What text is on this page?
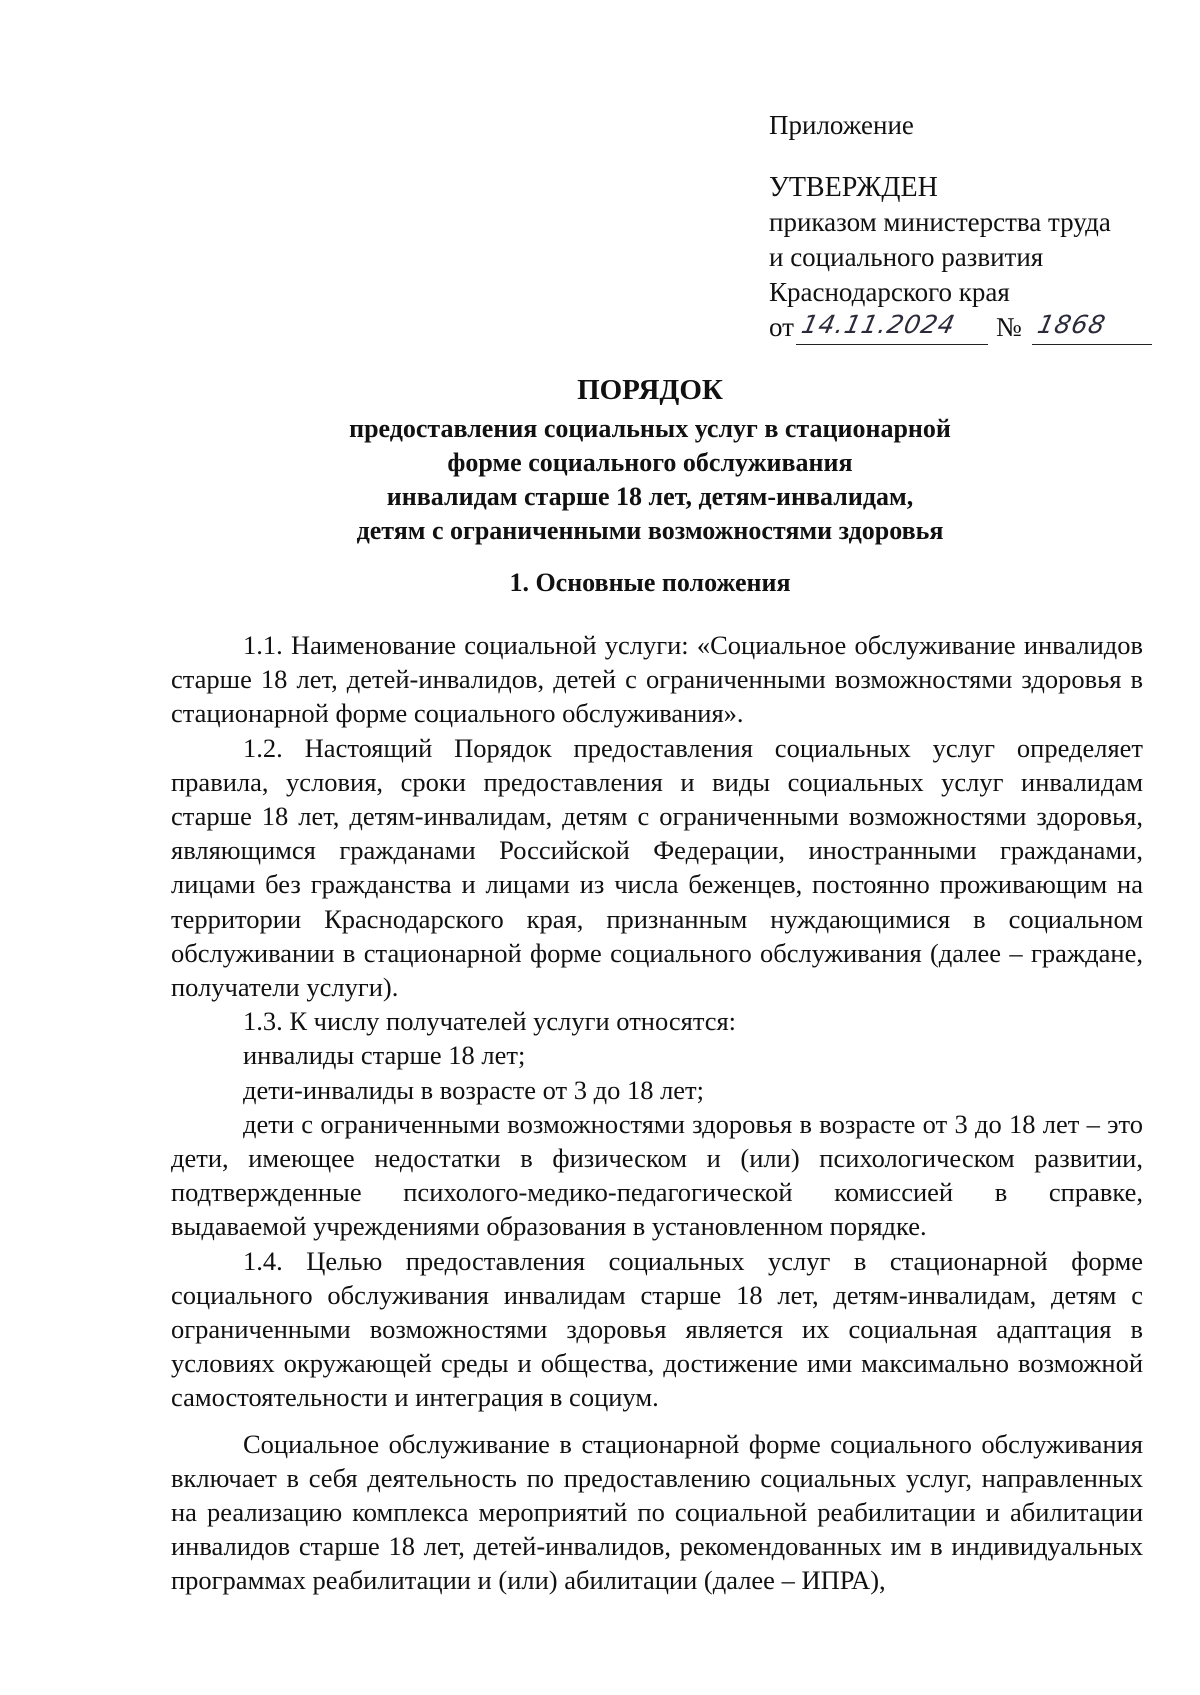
Приложение
УТВЕРЖДЕН
приказом министерства труда
и социального развития
Краснодарского края
от 14.11.2024 № 1868
ПОРЯДОК
предоставления социальных услуг в стационарной
форме социального обслуживания
инвалидам старше 18 лет, детям-инвалидам,
детям с ограниченными возможностями здоровья
1. Основные положения

1.1. Наименование социальной услуги: «Социальное обслуживание инвалидов старше 18 лет, детей-инвалидов, детей с ограниченными возможностями здоровья в стационарной форме социального обслуживания».

1.2. Настоящий Порядок предоставления социальных услуг определяет правила, условия, сроки предоставления и виды социальных услуг инвалидам старше 18 лет, детям-инвалидам, детям с ограниченными возможностями здоровья, являющимся гражданами Российской Федерации, иностранными гражданами, лицами без гражданства и лицами из числа беженцев, постоянно проживающим на территории Краснодарского края, признанным нуждающимися в социальном обслуживании в стационарной форме социального обслуживания (далее – граждане, получатели услуги).

1.3. К числу получателей услуги относятся:

инвалиды старше 18 лет;

дети-инвалиды в возрасте от 3 до 18 лет;

дети с ограниченными возможностями здоровья в возрасте от 3 до 18 лет – это дети, имеющее недостатки в физическом и (или) психологическом развитии, подтвержденные психолого-медико-педагогической комиссией в справке, выдаваемой учреждениями образования в установленном порядке.

1.4. Целью предоставления социальных услуг в стационарной форме социального обслуживания инвалидам старше 18 лет, детям-инвалидам, детям с ограниченными возможностями здоровья является их социальная адаптация в условиях окружающей среды и общества, достижение ими максимально возможной самостоятельности и интеграция в социум.

Социальное обслуживание в стационарной форме социального обслуживания включает в себя деятельность по предоставлению социальных услуг, направленных на реализацию комплекса мероприятий по социальной реабилитации и абилитации инвалидов старше 18 лет, детей-инвалидов, рекомендованных им в индивидуальных программах реабилитации и (или) абилитации (далее – ИПРА),
